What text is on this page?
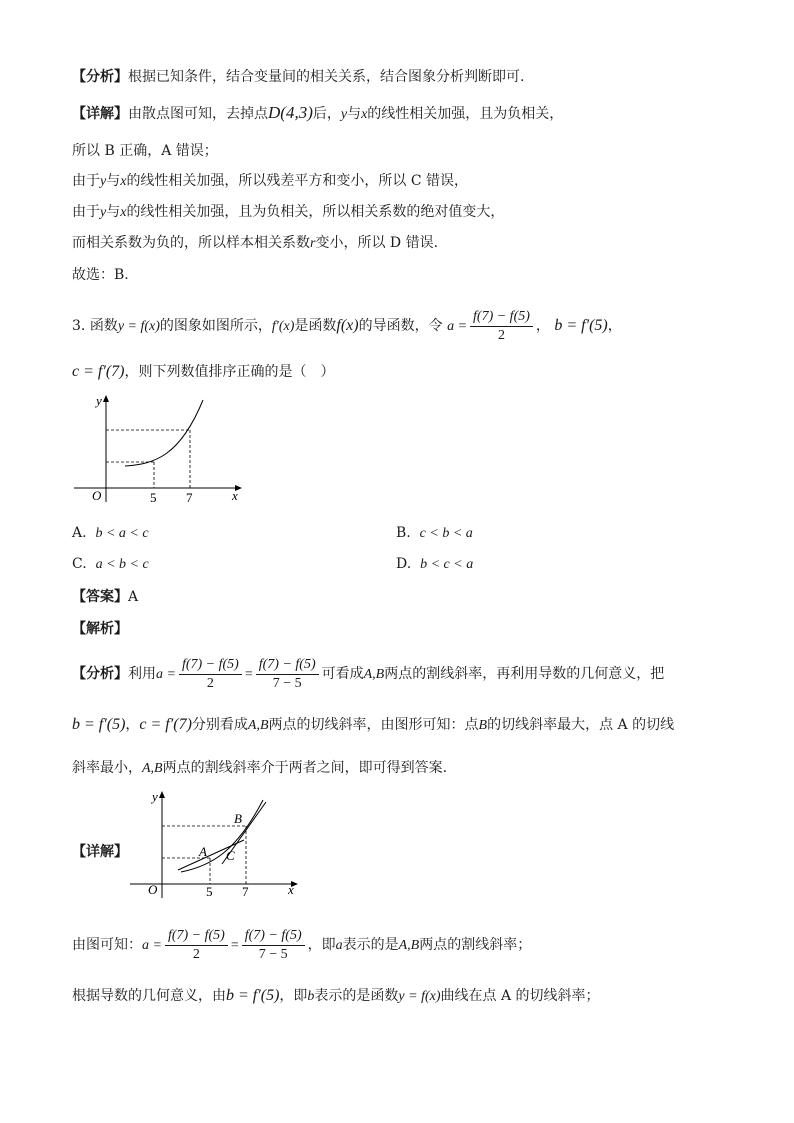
【分析】根据已知条件，结合变量间的相关关系，结合图象分析判断即可.
【详解】由散点图可知，去掉点D(4,3)后，y与x的线性相关加强，且为负相关，
所以 B 正确，A 错误；
由于y与x的线性相关加强，所以残差平方和变小，所以 C 错误，
由于y与x的线性相关加强，且为负相关，所以相关系数的绝对值变大，
而相关系数为负的，所以样本相关系数r变小，所以 D 错误.
故选：B.
3. 函数y = f(x)的图象如图所示，f′(x)是函数f(x)的导函数，令 $a = \frac{f(7) - f(5)}{2}$ ， b = f′(5)，
c = f′(7)，则下列数值排序正确的是（　）
y
x
O	5 7
A. b < a < c	B. c < b < a
C. a < b < c	D. b < c < a
【答案】A
【解析】
【分析】利用$a = \frac{f(7) - f(5)}{2} = \frac{f(7) - f(5)}{7 - 5}$ 可看成A,B两点的割线斜率，再利用导数的几何意义，把
b = f′(5)，c = f′(7)分别看成A,B两点的切线斜率，由图形可知：点B的切线斜率最大，点 A 的切线
斜率最小，A,B两点的割线斜率介于两者之间，即可得到答案.
【详解】
y
x
O	5 7
A
B
C
由图可知：$a = \frac{f(7) - f(5)}{2} = \frac{f(7) - f(5)}{7 - 5}$ ，即a表示的是A,B两点的割线斜率；
根据导数的几何意义，由b = f′(5)，即b表示的是函数y = f(x)曲线在点 A 的切线斜率；
